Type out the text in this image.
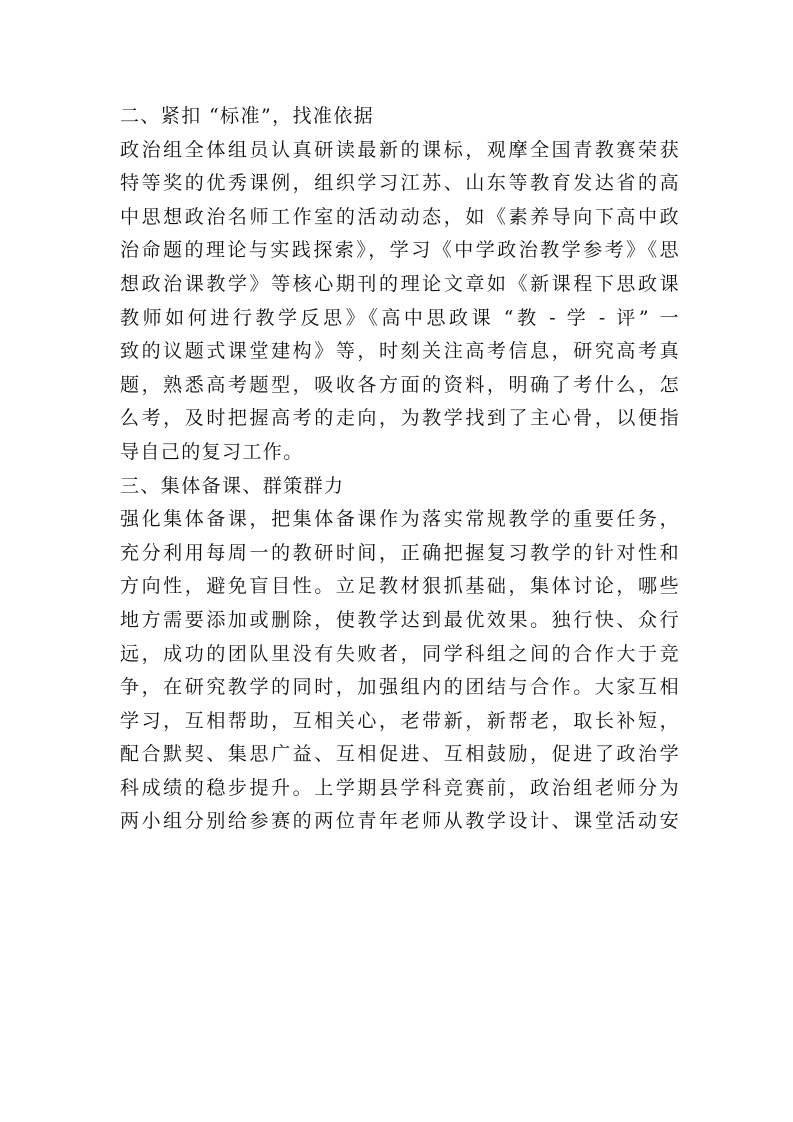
二、紧扣 “标准”，找准依据

政治组全体组员认真研读最新的课标，观摩全国青教赛荣获

特等奖的优秀课例，组织学习江苏、山东等教育发达省的高

中思想政治名师工作室的活动动态，如《素养导向下高中政

治命题的理论与实践探索》，学习《中学政治教学参考》《思

想政治课教学》等核心期刊的理论文章如《新课程下思政课

教师如何进行教学反思》《高中思政课 “教 - 学 - 评” 一

致的议题式课堂建构》等，时刻关注高考信息，研究高考真

题，熟悉高考题型，吸收各方面的资料，明确了考什么，怎

么考，及时把握高考的走向，为教学找到了主心骨，以便指

导自己的复习工作。

三、集体备课、群策群力

强化集体备课，把集体备课作为落实常规教学的重要任务，

充分利用每周一的教研时间，正确把握复习教学的针对性和

方向性，避免盲目性。立足教材狠抓基础，集体讨论，哪些

地方需要添加或删除，使教学达到最优效果。独行快、众行

远，成功的团队里没有失败者，同学科组之间的合作大于竞

争，在研究教学的同时，加强组内的团结与合作。大家互相

学习，互相帮助，互相关心，老带新，新帮老，取长补短，

配合默契、集思广益、互相促进、互相鼓励，促进了政治学

科成绩的稳步提升。上学期县学科竞赛前，政治组老师分为

两小组分别给参赛的两位青年老师从教学设计、课堂活动安
